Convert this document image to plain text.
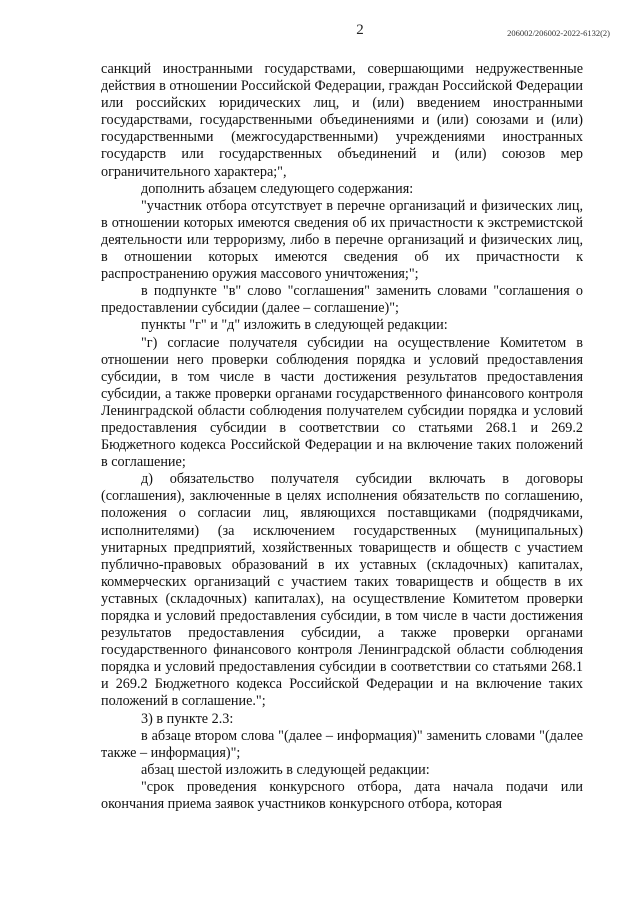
2	206002/206002-2022-6132(2)

санкций иностранными государствами, совершающими недружественные действия в отношении Российской Федерации, граждан Российской Федерации или российских юридических лиц, и (или) введением иностранными государствами, государственными объединениями и (или) союзами и (или) государственными (межгосударственными) учреждениями иностранных государств или государственных объединений и (или) союзов мер ограничительного характера;",

дополнить абзацем следующего содержания:

"участник отбора отсутствует в перечне организаций и физических лиц, в отношении которых имеются сведения об их причастности к экстремистской деятельности или терроризму, либо в перечне организаций и физических лиц, в отношении которых имеются сведения об их причастности к распространению оружия массового уничтожения;";

в подпункте "в" слово "соглашения" заменить словами "соглашения о предоставлении субсидии (далее – соглашение)";

пункты "г" и "д" изложить в следующей редакции:

"г) согласие получателя субсидии на осуществление Комитетом в отношении него проверки соблюдения порядка и условий предоставления субсидии, в том числе в части достижения результатов предоставления субсидии, а также проверки органами государственного финансового контроля Ленинградской области соблюдения получателем субсидии порядка и условий предоставления субсидии в соответствии со статьями 268.1 и 269.2 Бюджетного кодекса Российской Федерации и на включение таких положений в соглашение;

д) обязательство получателя субсидии включать в договоры (соглашения), заключенные в целях исполнения обязательств по соглашению, положения о согласии лиц, являющихся поставщиками (подрядчиками, исполнителями) (за исключением государственных (муниципальных) унитарных предприятий, хозяйственных товариществ и обществ с участием публично-правовых образований в их уставных (складочных) капиталах, коммерческих организаций с участием таких товариществ и обществ в их уставных (складочных) капиталах), на осуществление Комитетом проверки порядка и условий предоставления субсидии, в том числе в части достижения результатов предоставления субсидии, а также проверки органами государственного финансового контроля Ленинградской области соблюдения порядка и условий предоставления субсидии в соответствии со статьями 268.1 и 269.2 Бюджетного кодекса Российской Федерации и на включение таких положений в соглашение.";

3) в пункте 2.3:

в абзаце втором слова "(далее – информация)" заменить словами "(далее также – информация)";

абзац шестой изложить в следующей редакции:

"срок проведения конкурсного отбора, дата начала подачи или окончания приема заявок участников конкурсного отбора, которая
